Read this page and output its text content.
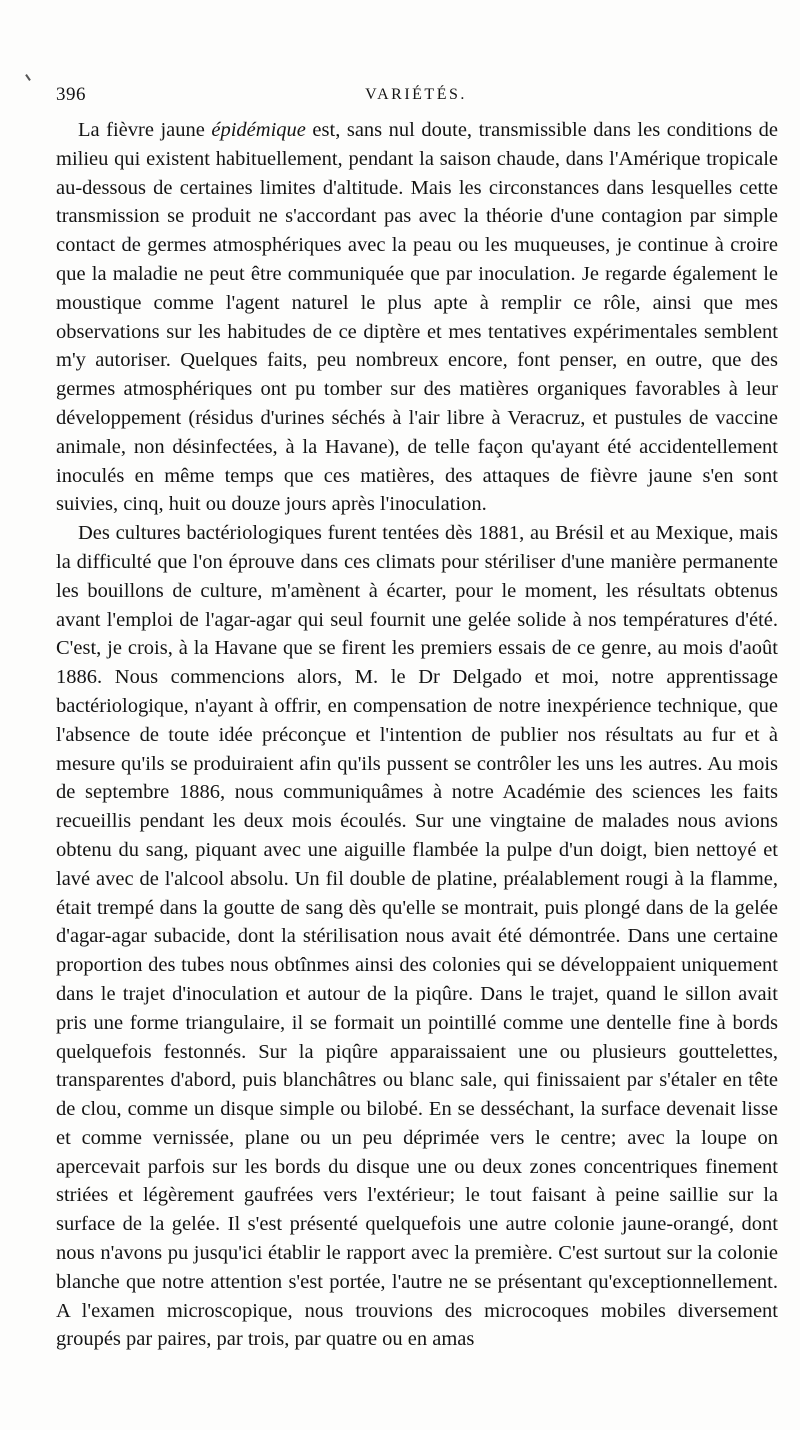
396	VARIÉTÉS.

La fièvre jaune épidémique est, sans nul doute, transmissible dans les conditions de milieu qui existent habituellement, pendant la saison chaude, dans l'Amérique tropicale au-dessous de certaines limites d'altitude. Mais les circonstances dans lesquelles cette transmission se produit ne s'accordant pas avec la théorie d'une contagion par simple contact de germes atmosphériques avec la peau ou les muqueuses, je continue à croire que la maladie ne peut être communiquée que par inoculation. Je regarde également le moustique comme l'agent naturel le plus apte à remplir ce rôle, ainsi que mes observations sur les habitudes de ce diptère et mes tentatives expérimentales semblent m'y autoriser. Quelques faits, peu nombreux encore, font penser, en outre, que des germes atmosphériques ont pu tomber sur des matières organiques favorables à leur développement (résidus d'urines séchés à l'air libre à Veracruz, et pustules de vaccine animale, non désinfectées, à la Havane), de telle façon qu'ayant été accidentellement inoculés en même temps que ces matières, des attaques de fièvre jaune s'en sont suivies, cinq, huit ou douze jours après l'inoculation.

Des cultures bactériologiques furent tentées dès 1881, au Brésil et au Mexique, mais la difficulté que l'on éprouve dans ces climats pour stériliser d'une manière permanente les bouillons de culture, m'amènent à écarter, pour le moment, les résultats obtenus avant l'emploi de l'agar-agar qui seul fournit une gelée solide à nos températures d'été. C'est, je crois, à la Havane que se firent les premiers essais de ce genre, au mois d'août 1886. Nous commencions alors, M. le Dr Delgado et moi, notre apprentissage bactériologique, n'ayant à offrir, en compensation de notre inexpérience technique, que l'absence de toute idée préconçue et l'intention de publier nos résultats au fur et à mesure qu'ils se produiraient afin qu'ils pussent se contrôler les uns les autres. Au mois de septembre 1886, nous communiquâmes à notre Académie des sciences les faits recueillis pendant les deux mois écoulés. Sur une vingtaine de malades nous avions obtenu du sang, piquant avec une aiguille flambée la pulpe d'un doigt, bien nettoyé et lavé avec de l'alcool absolu. Un fil double de platine, préalablement rougi à la flamme, était trempé dans la goutte de sang dès qu'elle se montrait, puis plongé dans de la gelée d'agar-agar subacide, dont la stérilisation nous avait été démontrée. Dans une certaine proportion des tubes nous obtînmes ainsi des colonies qui se développaient uniquement dans le trajet d'inoculation et autour de la piqûre. Dans le trajet, quand le sillon avait pris une forme triangulaire, il se formait un pointillé comme une dentelle fine à bords quelquefois festonnés. Sur la piqûre apparaissaient une ou plusieurs gouttelettes, transparentes d'abord, puis blanchâtres ou blanc sale, qui finissaient par s'étaler en tête de clou, comme un disque simple ou bilobé. En se desséchant, la surface devenait lisse et comme vernissée, plane ou un peu déprimée vers le centre; avec la loupe on apercevait parfois sur les bords du disque une ou deux zones concentriques finement striées et légèrement gaufrées vers l'extérieur; le tout faisant à peine saillie sur la surface de la gelée. Il s'est présenté quelquefois une autre colonie jaune-orangé, dont nous n'avons pu jusqu'ici établir le rapport avec la première. C'est surtout sur la colonie blanche que notre attention s'est portée, l'autre ne se présentant qu'exceptionnellement. A l'examen microscopique, nous trouvions des microcoques mobiles diversement groupés par paires, par trois, par quatre ou en amas
